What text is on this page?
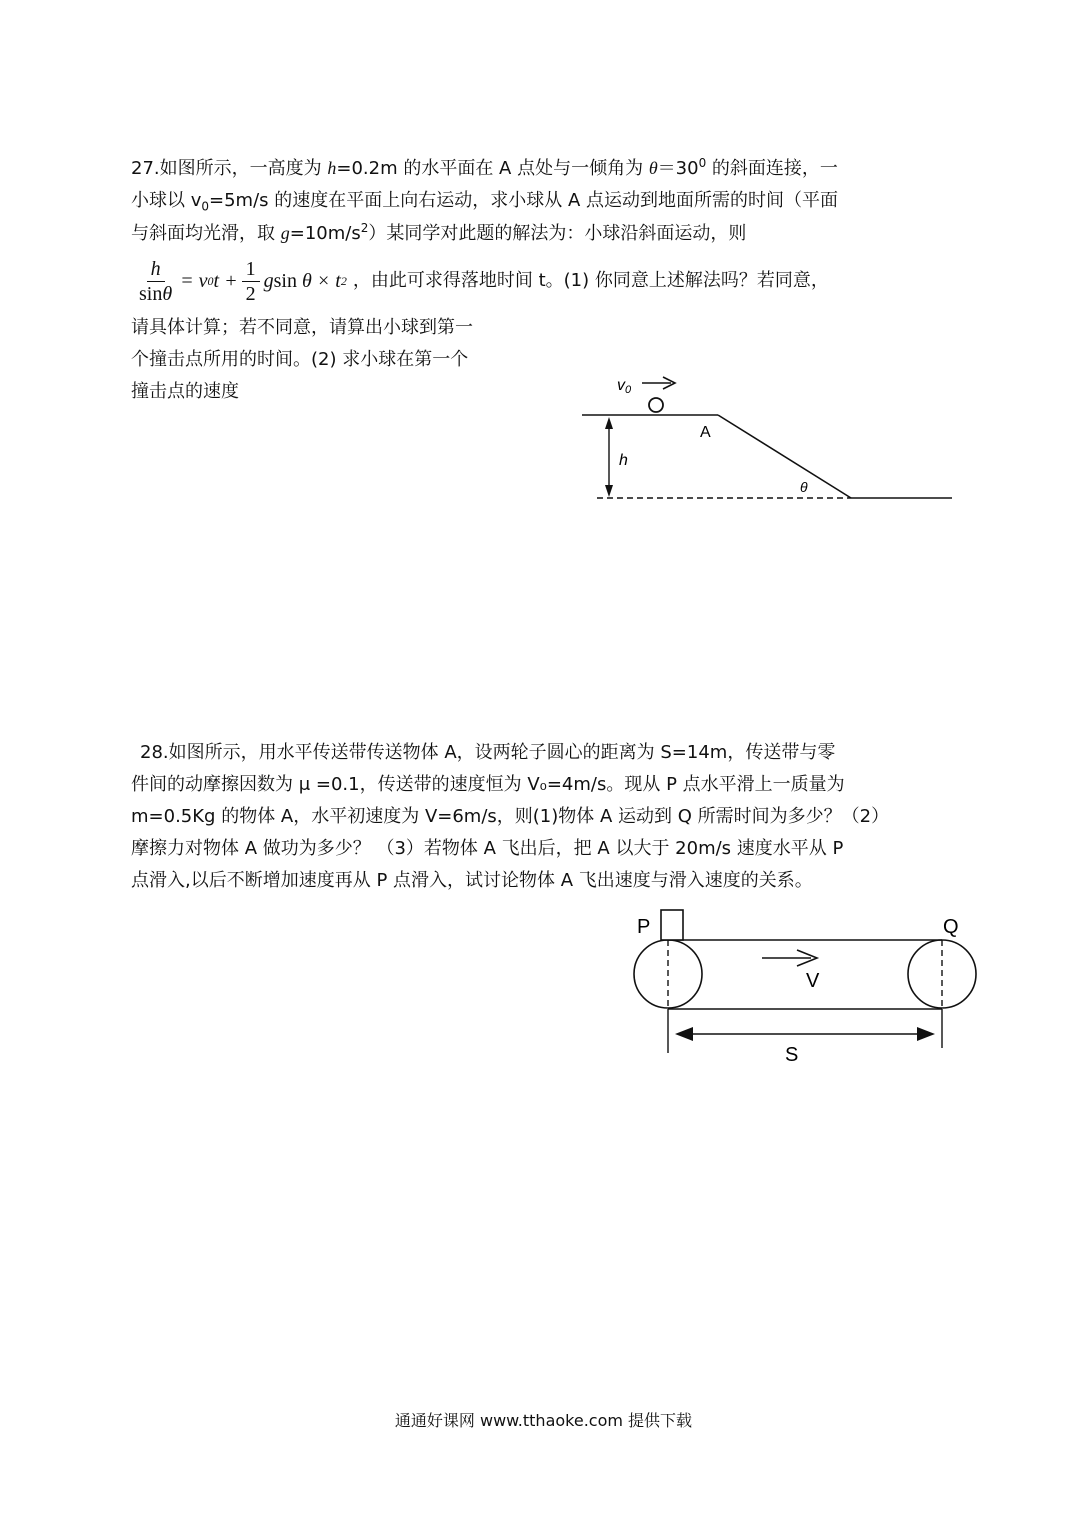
27.如图所示，一高度为 h=0.2m 的水平面在 A 点处与一倾角为 $\theta=30^0$ 的斜面连接，一
小球以 $v_0=5m/s$ 的速度在平面上向右运动，求小球从 A 点运动到地面所需的时间（平面
与斜面均光滑，取 $g=10m/s^2$）某同学对此题的解法为：小球沿斜面运动，则
$\frac{h}{\sin\theta} = v$ 0 $t + \frac{1}{2}$ g sin
θ × t 2 ，由此可求得落地时间 t。(1) 你同意上述解法吗？若同意，
请具体计算；若不同意，请算出小球到第一
个撞击点所用的时间。(2) 求小球在第一个
撞击点的速度	v0
h
A
θ
28.如图所示，用水平传送带传送物体 A，设两轮子圆心的距离为 S=14m，传送带与零
件间的动摩擦因数为 μ =0.1，传送带的速度恒为 V₀=4m/s。现从 P 点水平滑上一质量为
m=0.5Kg 的物体 A，水平初速度为 V=6m/s，则(1)物体 A 运动到 Q 所需时间为多少？（2）
摩擦力对物体 A 做功为多少？ （3）若物体 A 飞出后，把 A 以大于 20m/s 速度水平从 P
点滑入,以后不断增加速度再从 P 点滑入，试讨论物体 A 飞出速度与滑入速度的关系。
P	Q
V
S
通通好课网 www.tthaoke.com 提供下载
